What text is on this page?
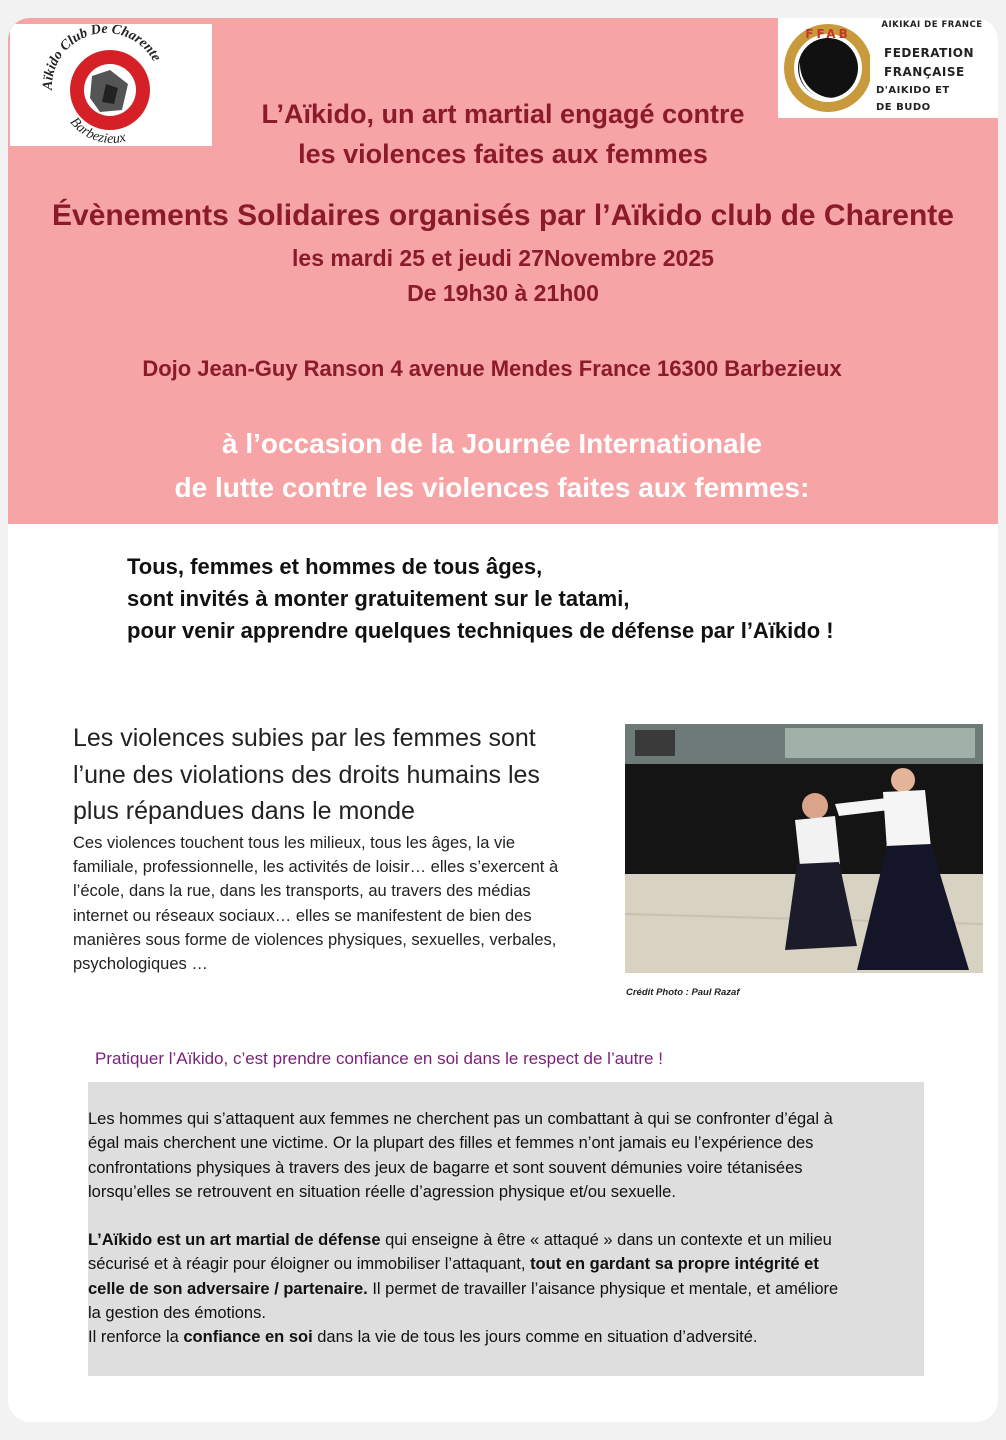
Aïkido Club De Charente
Barbezieux
FFAB
AIKIKAI DE FRANCE
FEDERATION
FRANÇAISE
D'AIKIDO ET
DE BUDO
L’Aïkido, un art martial engagé contre
les violences faites aux femmes
Évènements Solidaires organisés par l’Aïkido club de Charente
les mardi 25 et jeudi 27Novembre 2025
De 19h30 à 21h00
Dojo Jean-Guy Ranson 4 avenue Mendes France 16300 Barbezieux
à l’occasion de la Journée Internationale
de lutte contre les violences faites aux femmes:
Tous, femmes et hommes de tous âges,
sont invités à monter gratuitement sur le tatami,
pour venir apprendre quelques techniques de défense par l’Aïkido !
Les violences subies par les femmes sont
l’une des violations des droits humains les
plus répandues dans le monde
Ces violences touchent tous les milieux, tous les âges, la vie
familiale, professionnelle, les activités de loisir… elles s’exercent à
l’école, dans la rue, dans les transports, au travers des médias
internet ou réseaux sociaux… elles se manifestent de bien des
manières sous forme de violences physiques, sexuelles, verbales,
psychologiques …
Crédit Photo : Paul Razaf
Pratiquer l’Aïkido, c’est prendre confiance en soi dans le respect de l’autre !
Les hommes qui s’attaquent aux femmes ne cherchent pas un combattant à qui se confronter d’égal à
égal mais cherchent une victime. Or la plupart des filles et femmes n’ont jamais eu l’expérience des
confrontations physiques à travers des jeux de bagarre et sont souvent démunies voire tétanisées
lorsqu’elles se retrouvent en situation réelle d’agression physique et/ou sexuelle.
L’Aïkido est un art martial de défense qui enseigne à être « attaqué » dans un contexte et un milieu
sécurisé et à réagir pour éloigner ou immobiliser l’attaquant, tout en gardant sa propre intégrité et
celle de son adversaire / partenaire. Il permet de travailler l’aisance physique et mentale, et améliore
la gestion des émotions.
Il renforce la confiance en soi dans la vie de tous les jours comme en situation d’adversité.
